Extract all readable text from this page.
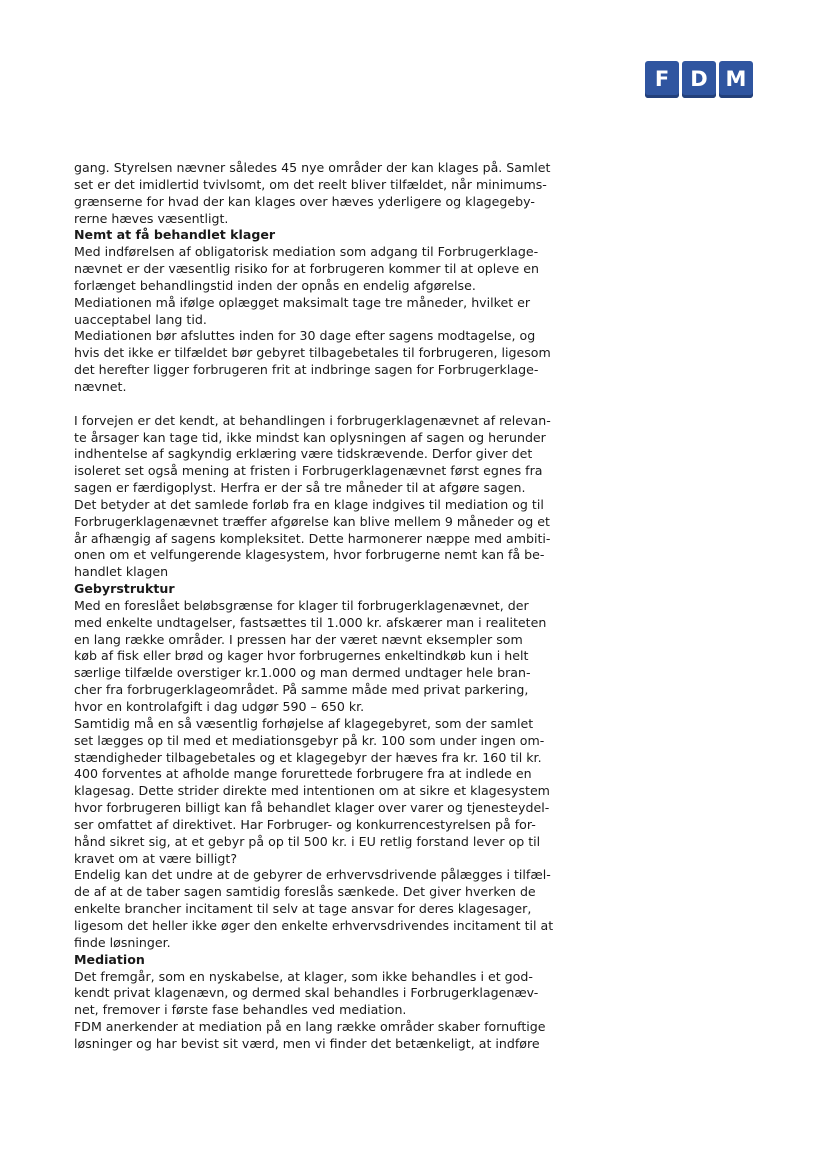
F D M
gang. Styrelsen nævner således 45 nye områder der kan klages på. Samlet
set er det imidlertid tvivlsomt, om det reelt bliver tilfældet, når minimums-
grænserne for hvad der kan klages over hæves yderligere og klagegeby-
rerne hæves væsentligt.
Nemt at få behandlet klager
Med indførelsen af obligatorisk mediation som adgang til Forbrugerklage-
nævnet er der væsentlig risiko for at forbrugeren kommer til at opleve en
forlænget behandlingstid inden der opnås en endelig afgørelse.
Mediationen må ifølge oplægget maksimalt tage tre måneder, hvilket er
uacceptabel lang tid.
Mediationen bør afsluttes inden for 30 dage efter sagens modtagelse, og
hvis det ikke er tilfældet bør gebyret tilbagebetales til forbrugeren, ligesom
det herefter ligger forbrugeren frit at indbringe sagen for Forbrugerklage-
nævnet.
I forvejen er det kendt, at behandlingen i forbrugerklagenævnet af relevan-
te årsager kan tage tid, ikke mindst kan oplysningen af sagen og herunder
indhentelse af sagkyndig erklæring være tidskrævende. Derfor giver det
isoleret set også mening at fristen i Forbrugerklagenævnet først egnes fra
sagen er færdigoplyst. Herfra er der så tre måneder til at afgøre sagen.
Det betyder at det samlede forløb fra en klage indgives til mediation og til
Forbrugerklagenævnet træffer afgørelse kan blive mellem 9 måneder og et
år afhængig af sagens kompleksitet. Dette harmonerer næppe med ambiti-
onen om et velfungerende klagesystem, hvor forbrugerne nemt kan få be-
handlet klagen
Gebyrstruktur
Med en foreslået beløbsgrænse for klager til forbrugerklagenævnet, der
med enkelte undtagelser, fastsættes til 1.000 kr. afskærer man i realiteten
en lang række områder. I pressen har der været nævnt eksempler som
køb af fisk eller brød og kager hvor forbrugernes enkeltindkøb kun i helt
særlige tilfælde overstiger kr.1.000 og man dermed undtager hele bran-
cher fra forbrugerklageområdet. På samme måde med privat parkering,
hvor en kontrolafgift i dag udgør 590 – 650 kr.
Samtidig må en så væsentlig forhøjelse af klagegebyret, som der samlet
set lægges op til med et mediationsgebyr på kr. 100 som under ingen om-
stændigheder tilbagebetales og et klagegebyr der hæves fra kr. 160 til kr.
400 forventes at afholde mange forurettede forbrugere fra at indlede en
klagesag. Dette strider direkte med intentionen om at sikre et klagesystem
hvor forbrugeren billigt kan få behandlet klager over varer og tjenesteydel-
ser omfattet af direktivet. Har Forbruger- og konkurrencestyrelsen på for-
hånd sikret sig, at et gebyr på op til 500 kr. i EU retlig forstand lever op til
kravet om at være billigt?
Endelig kan det undre at de gebyrer de erhvervsdrivende pålægges i tilfæl-
de af at de taber sagen samtidig foreslås sænkede. Det giver hverken de
enkelte brancher incitament til selv at tage ansvar for deres klagesager,
ligesom det heller ikke øger den enkelte erhvervsdrivendes incitament til at
finde løsninger.
Mediation
Det fremgår, som en nyskabelse, at klager, som ikke behandles i et god-
kendt privat klagenævn, og dermed skal behandles i Forbrugerklagenæv-
net, fremover i første fase behandles ved mediation.
FDM anerkender at mediation på en lang række områder skaber fornuftige
løsninger og har bevist sit værd, men vi finder det betænkeligt, at indføre
